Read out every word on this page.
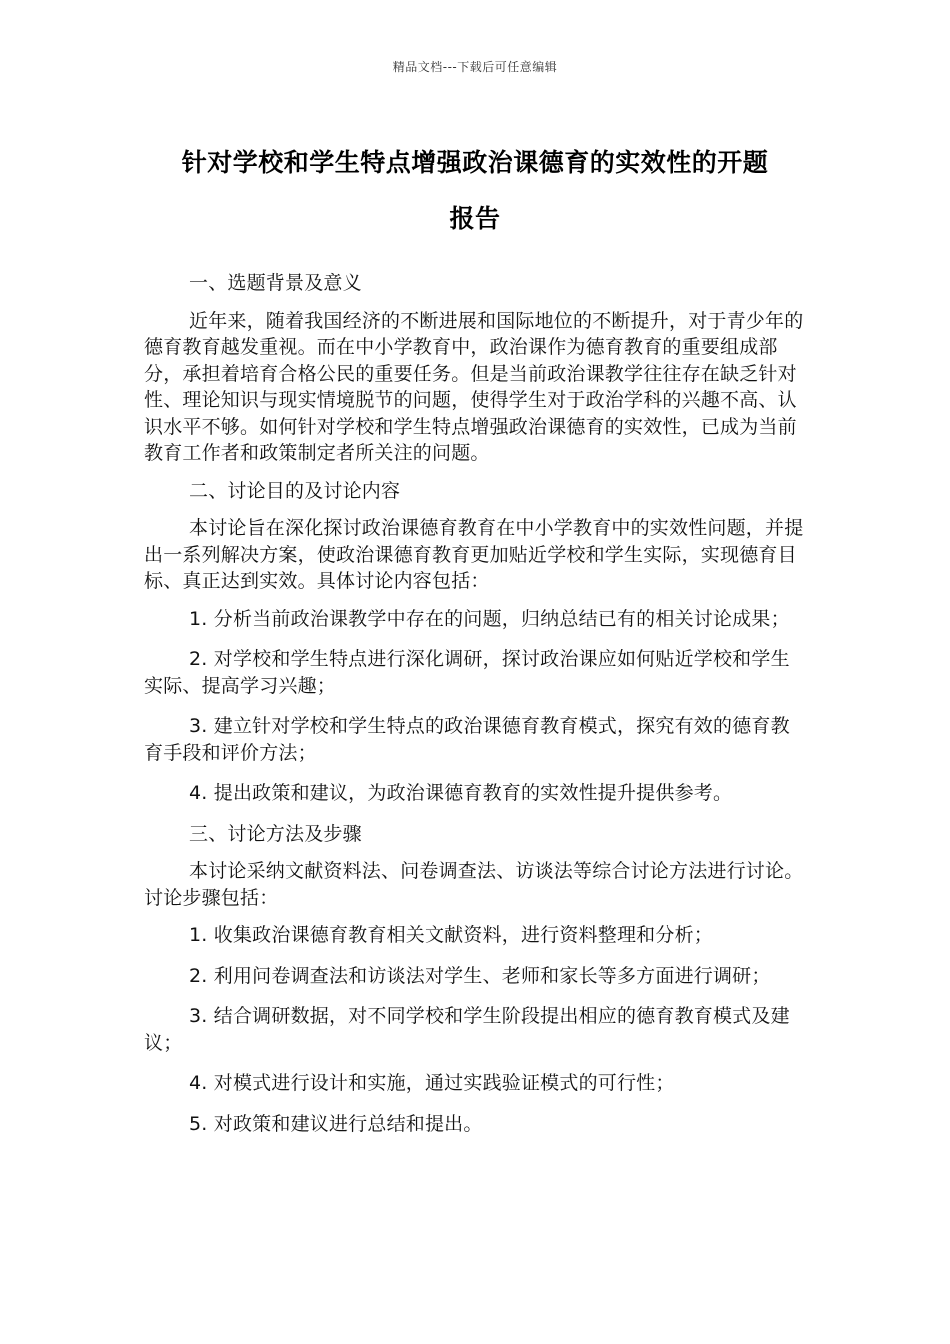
精品文档---下载后可任意编辑
针对学校和学生特点增强政治课德育的实效性的开题
报告

一、选题背景及意义

近年来，随着我国经济的不断进展和国际地位的不断提升，对于青少年的德育教育越发重视。而在中小学教育中，政治课作为德育教育的重要组成部分，承担着培育合格公民的重要任务。但是当前政治课教学往往存在缺乏针对性、理论知识与现实情境脱节的问题，使得学生对于政治学科的兴趣不高、认识水平不够。如何针对学校和学生特点增强政治课德育的实效性，已成为当前教育工作者和政策制定者所关注的问题。

二、讨论目的及讨论内容

本讨论旨在深化探讨政治课德育教育在中小学教育中的实效性问题，并提出一系列解决方案，使政治课德育教育更加贴近学校和学生实际，实现德育目标、真正达到实效。具体讨论内容包括：

1. 分析当前政治课教学中存在的问题，归纳总结已有的相关讨论成果；

2. 对学校和学生特点进行深化调研，探讨政治课应如何贴近学校和学生实际、提高学习兴趣；

3. 建立针对学校和学生特点的政治课德育教育模式，探究有效的德育教育手段和评价方法；

4. 提出政策和建议，为政治课德育教育的实效性提升提供参考。

三、讨论方法及步骤

本讨论采纳文献资料法、问卷调查法、访谈法等综合讨论方法进行讨论。讨论步骤包括：

1. 收集政治课德育教育相关文献资料，进行资料整理和分析；

2. 利用问卷调查法和访谈法对学生、老师和家长等多方面进行调研；

3. 结合调研数据，对不同学校和学生阶段提出相应的德育教育模式及建议；

4. 对模式进行设计和实施，通过实践验证模式的可行性；

5. 对政策和建议进行总结和提出。
